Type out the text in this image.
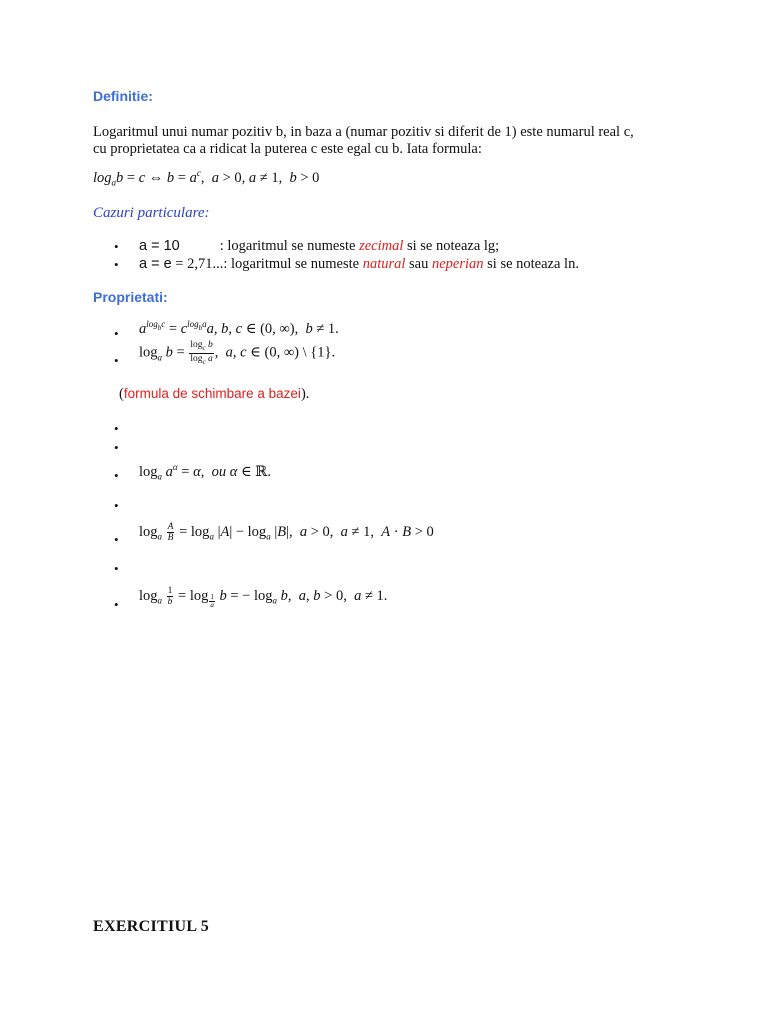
Definitie:
Logaritmul unui numar pozitiv b, in baza a (numar pozitiv si diferit de 1) este numarul real c,
cu proprietatea ca a ridicat la puterea c este egal cu b. Iata formula:
$\log_ab = c$ ⇔ $b = a^c$,  a > 0, a ≠ 1,  b > 0
Cazuri particulare:
• a = 10	: logaritmul se numeste zecimal si se noteaza lg;
• a = e = 2,71...: logaritmul se numeste natural sau neperian si se noteaza ln.
Proprietati:
• $a^{log_bc} = c^{log_ba}a$, b, c ∈ (0, ∞),  b ≠ 1.
• $\log_a b = \frac{\log_c b}{\log_c a}$ ,  a, c ∈ (0, ∞) \ {1}.
(formula de schimbare a bazei).
•
•
• $\log_a a^\alpha = \alpha$,  ou α ∈ ℝ.
•
• $\log_a \frac{A}{B} = \log_a |A| - \log_a |B|$,  a > 0,  a ≠ 1,  A · B > 0
•
•
$\log_a \frac{1}{b} = \log _{\frac{1}{a}}$ b = − $\log_a b$,  a, b > 0,  a ≠ 1.
EXERCITIUL 5
